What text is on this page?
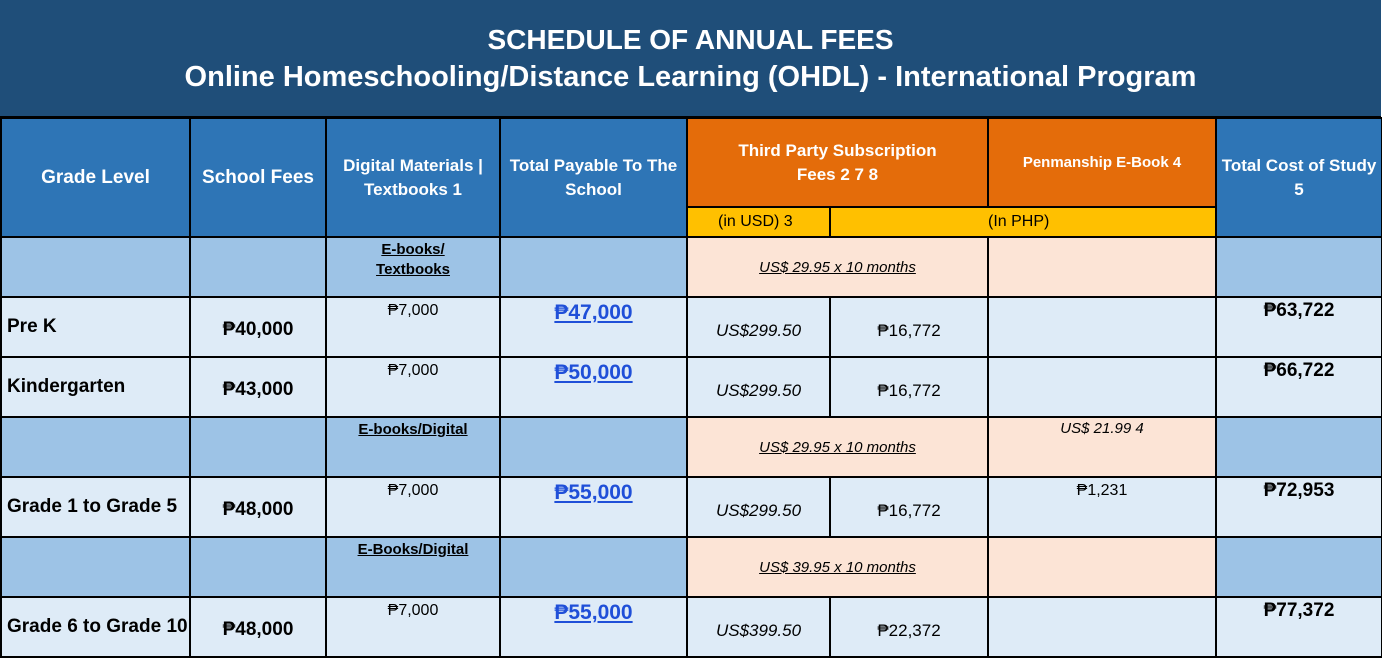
SCHEDULE OF ANNUAL FEES
Online Homeschooling/Distance Learning (OHDL) - International Program
Grade Level	School Fees	Digital Materials | Textbooks 1	Total Payable To The School	Third Party Subscription Fees 2 7 8		Penmanship E-Book 4	Total Cost of Study 5
				(in USD) 3	(In PHP)		
		E-books/ Textbooks		US$ 29.95 x 10 months			
Pre K	₱40,000	₱7,000	₱47,000	US$299.50	₱16,772		₱63,722
Kindergarten	₱43,000	₱7,000	₱50,000	US$299.50	₱16,772		₱66,722
		E-books/Digital		US$ 29.95 x 10 months		US$ 21.99 4	
Grade 1 to Grade 5	₱48,000	₱7,000	₱55,000	US$299.50	₱16,772	₱1,231	₱72,953
		E-Books/Digital		US$ 39.95 x 10 months			
Grade 6 to Grade 10	₱48,000	₱7,000	₱55,000	US$399.50	₱22,372		₱77,372
